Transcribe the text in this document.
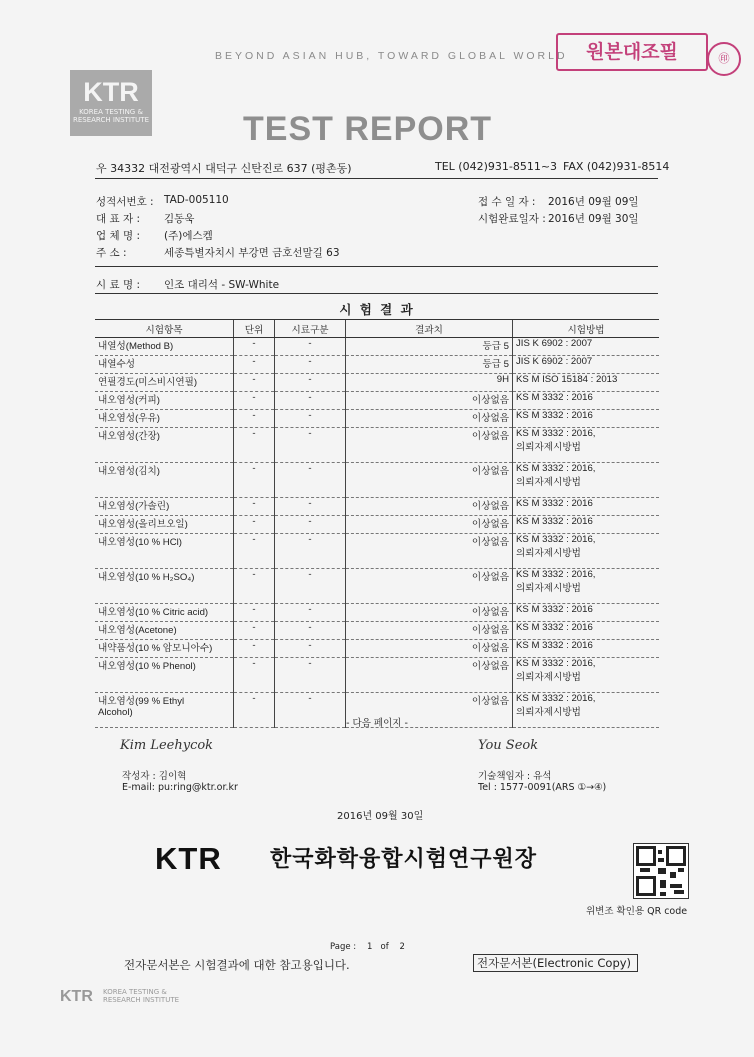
BEYOND ASIAN HUB, TOWARD GLOBAL WORLD
KTR
KOREA TESTING &
RESEARCH INSTITUTE	TEST REPORT
원본대조필	㊞
우 34332 대전광역시 대덕구 신탄진로 637 (평촌동)	TEL (042)931-8511~3 FAX (042)931-8514
성적서번호 : TAD-005110
대 표 자 : 김동욱
업 체 명 : (주)에스켐
주 소 :	세종특별자치시 부강면 금호선말길 63
접 수 일 자 : 2016년 09월 09일
시험완료일자 : 2016년 09월 30일
시 료 명 : 인조 대리석 - SW-White
시 험 결 과
시험항목	단위	시료구분	결과치	시험방법
내열성(Method B)	-	-	등급 5	JIS K 6902 : 2007
내열수성	-	-	등급 5	JIS K 6902 : 2007
연필경도(미스비시연필)	-	-	9H	KS M ISO 15184 : 2013
내오염성(커피)	-	-	이상없음	KS M 3332 : 2016
내오염성(우유)	-	-	이상없음	KS M 3332 : 2016
내오염성(간장)	-	-	이상없음	KS M 3332 : 2016,
의뢰자제시방법
내오염성(김치)	-	-	이상없음	KS M 3332 : 2016,
의뢰자제시방법
내오염성(가솔린)	-	-	이상없음	KS M 3332 : 2016
내오염성(올리브오일)	-	-	이상없음	KS M 3332 : 2016
내오염성(10 % HCl)	-	-	이상없음	KS M 3332 : 2016,
의뢰자제시방법
내오염성(10 % H₂SO₄)	-	-	이상없음	KS M 3332 : 2016,
의뢰자제시방법
내오염성(10 % Citric acid)	-	-	이상없음	KS M 3332 : 2016
내오염성(Acetone)	-	-	이상없음	KS M 3332 : 2016
내약품성(10 % 암모니아수)	-	-	이상없음	KS M 3332 : 2016
내오염성(10 % Phenol)	-	-	이상없음	KS M 3332 : 2016,
의뢰자제시방법
내오염성(99 % Ethyl
Alcohol)	-	-	이상없음	KS M 3332 : 2016,
의뢰자제시방법
- 다음 페이지 -
Kim Leehycok
작성자 : 김이혁
E-mail: pu:ring@ktr.or.kr
You Seok
기술책임자 : 유석
Tel : 1577-0091(ARS ①→④)
2016년 09월 30일
KTR 한국화학융합시험연구원장
위변조 확인용 QR code
Page : 1 of 2
전자문서본은 시험결과에 대한 참고용입니다.	전자문서본(Electronic Copy)
KTR KOREA TESTING &
RESEARCH INSTITUTE
